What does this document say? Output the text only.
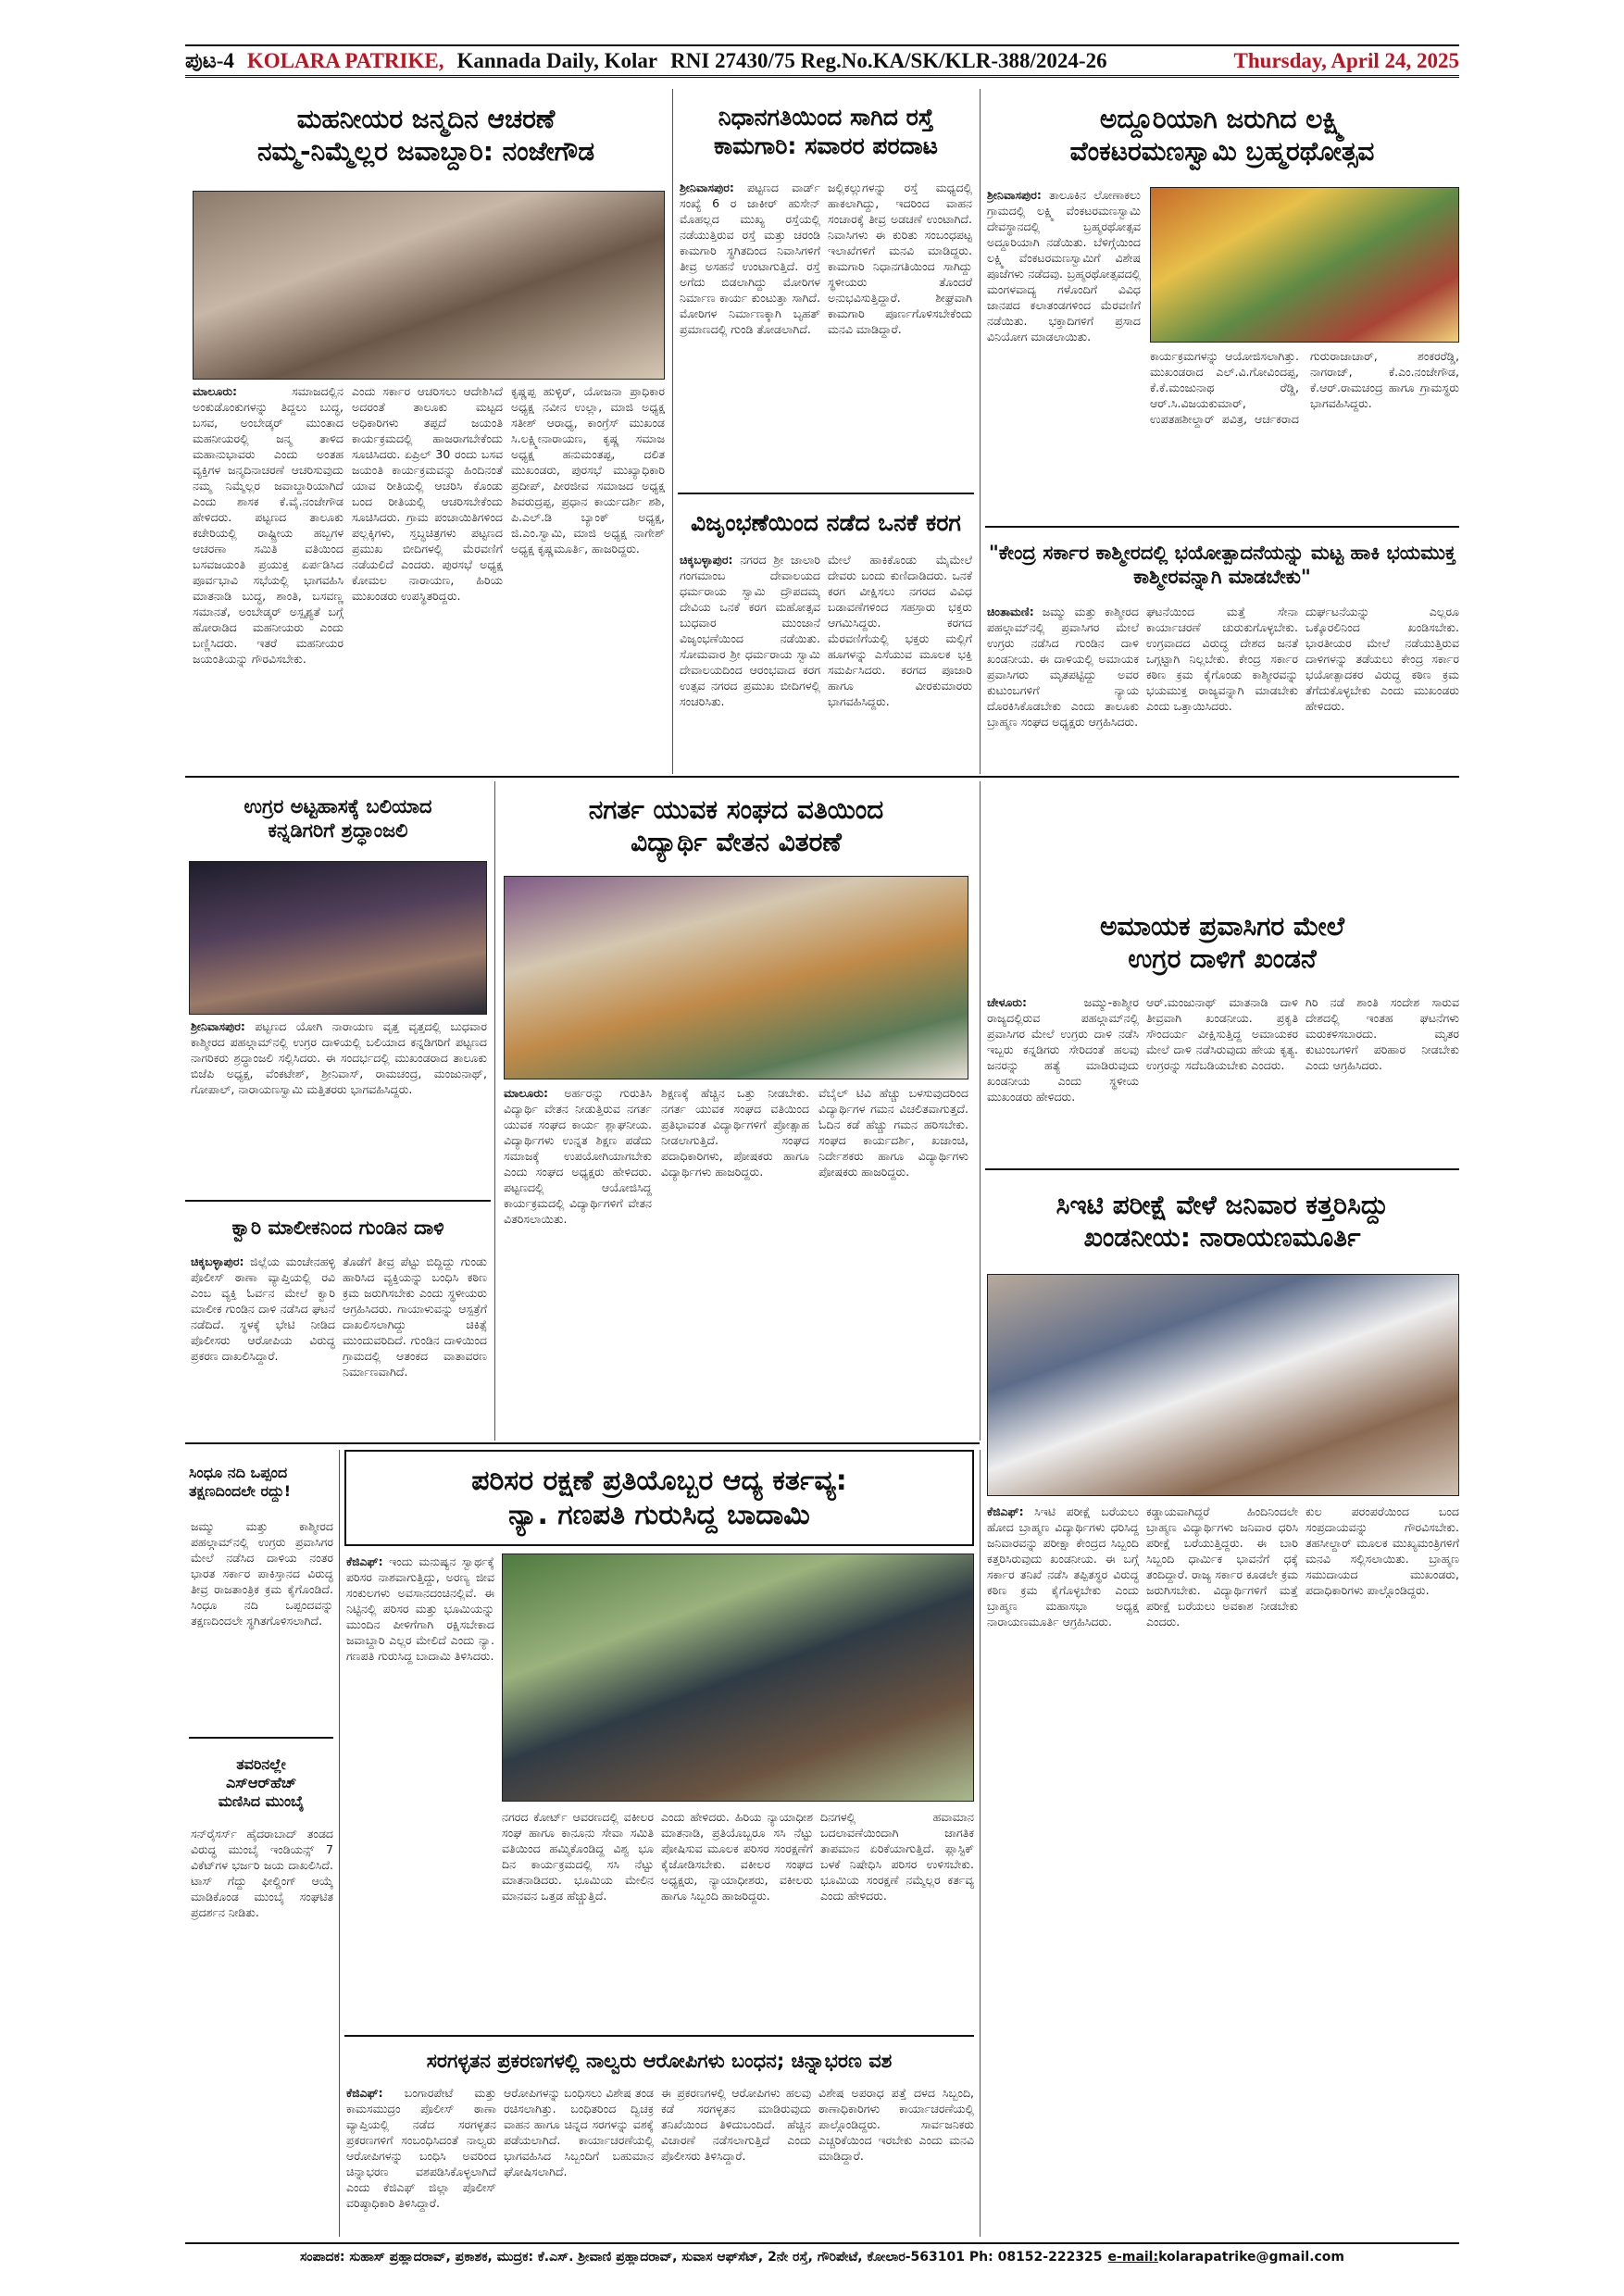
ಪುಟ-4 KOLARA PATRIKE, Kannada Daily, Kolar RNI 27430/75 Reg.No.KA/SK/KLR-388/2024-26	Thursday, April 24, 2025
ಮಹನೀಯರ ಜನ್ಮದಿನ ಆಚರಣೆ
ನಮ್ಮ-ನಿಮ್ಮೆಲ್ಲರ ಜವಾಬ್ದಾರಿ: ನಂಜೇಗೌಡ
ಮಾಲೂರು:	ಸಮಾಜದಲ್ಲಿನ ಅಂಕುಡೊಂಕುಗಳನ್ನು ತಿದ್ದಲು ಬುದ್ಧ, ಬಸವ, ಅಂಬೇಡ್ಕರ್ ಮುಂತಾದ ಮಹನೀಯರಲ್ಲಿ ಜನ್ಮ ತಾಳಿದ ಮಹಾನುಭಾವರು ಎಂದು ಅಂತಹ ವ್ಯಕ್ತಿಗಳ ಜನ್ಮದಿನಾಚರಣೆ ಆಚರಿಸುವುದು ನಮ್ಮ ನಿಮ್ಮೆಲ್ಲರ ಜವಾಬ್ದಾರಿಯಾಗಿದೆ ಎಂದು ಶಾಸಕ ಕೆ.ವೈ.ನಂಜೇಗೌಡ ಹೇಳಿದರು. ಪಟ್ಟಣದ ತಾಲೂಕು ಕಚೇರಿಯಲ್ಲಿ ರಾಷ್ಟ್ರೀಯ ಹಬ್ಬಗಳ ಆಚರಣಾ ಸಮಿತಿ ವತಿಯಿಂದ ಬಸವಜಯಂತಿ ಪ್ರಯುಕ್ತ ಏರ್ಪಡಿಸಿದ ಪೂರ್ವಭಾವಿ ಸಭೆಯಲ್ಲಿ ಭಾಗವಹಿಸಿ ಮಾತನಾಡಿ ಬುದ್ಧ, ಶಾಂತಿ, ಬಸವಣ್ಣ ಸಮಾನತೆ, ಅಂಬೇಡ್ಕರ್ ಅಸ್ಪೃಶ್ಯತೆ ಬಗ್ಗೆ ಹೋರಾಡಿದ ಮಹನೀಯರು ಎಂದು ಬಣ್ಣಿಸಿದರು. ಇತರೆ ಮಹನೀಯರ ಜಯಂತಿಯನ್ನು ಗೌರವಿಸಬೇಕು.
ಎಂದು ಸರ್ಕಾರ ಆಚರಿಸಲು ಆದೇಶಿಸಿದೆ ಅದರಂತೆ ತಾಲೂಕು ಮಟ್ಟದ ಅಧಿಕಾರಿಗಳು ತಪ್ಪದೆ ಜಯಂತಿ ಕಾರ್ಯಕ್ರಮದಲ್ಲಿ ಹಾಜರಾಗಬೇಕೆಂದು ಸೂಚಿಸಿದರು. ಏಪ್ರಿಲ್ 30 ರಂದು ಬಸವ ಜಯಂತಿ ಕಾರ್ಯಕ್ರಮವನ್ನು ಹಿಂದಿನಂತೆ ಯಾವ ರೀತಿಯಲ್ಲಿ ಆಚರಿಸಿ ಕೊಂಡು ಬಂದ ರೀತಿಯಲ್ಲಿ ಆಚರಿಸಬೇಕೆಂದು ಸೂಚಿಸಿದರು. ಗ್ರಾಮ ಪಂಚಾಯಿತಿಗಳಿಂದ ಪಲ್ಲಕ್ಕಿಗಳು, ಸ್ತಬ್ಧಚಿತ್ರಗಳು ಪಟ್ಟಣದ ಪ್ರಮುಖ ಬೀದಿಗಳಲ್ಲಿ ಮೆರವಣಿಗೆ ನಡೆಯಲಿದೆ ಎಂದರು. ಪುರಸಭೆ ಅಧ್ಯಕ್ಷ ಕೋಮಲ ನಾರಾಯಣ, ಹಿರಿಯ ಮುಖಂಡರು ಉಪಸ್ಥಿತರಿದ್ದರು.
ಕೃಷ್ಣಪ್ಪ ಹುಳ್ಳಿರ್, ಯೋಜನಾ ಪ್ರಾಧಿಕಾರ ಅಧ್ಯಕ್ಷ ನವೀನ ಉಲ್ಲಾ, ಮಾಜಿ ಅಧ್ಯಕ್ಷ ಸತೀಶ್ ಆರಾಧ್ಯ, ಕಾಂಗ್ರೆಸ್ ಮುಖಂಡ ಸಿ.ಲಕ್ಷ್ಮೀನಾರಾಯಣ, ಕೃಷ್ಣ ಸಮಾಜ ಅಧ್ಯಕ್ಷ ಹನುಮಂತಪ್ಪ, ದಲಿತ ಮುಖಂಡರು, ಪುರಸಭೆ ಮುಖ್ಯಾಧಿಕಾರಿ ಪ್ರದೀಪ್, ಪೀರಜೀವ ಸಮಾಜದ ಅಧ್ಯಕ್ಷ ಶಿವರುದ್ರಪ್ಪ, ಪ್ರಧಾನ ಕಾರ್ಯದರ್ಶಿ ಶಶಿ, ಪಿ.ಎಲ್.ಡಿ ಬ್ಯಾಂಕ್ ಅಧ್ಯಕ್ಷ, ಜಿ.ಎಂ.ಸ್ವಾಮಿ, ಮಾಜಿ ಅಧ್ಯಕ್ಷ ನಾಗೇಶ್ ಅಧ್ಯಕ್ಷ ಕೃಷ್ಣಮೂರ್ತಿ, ಹಾಜರಿದ್ದರು.
ನಿಧಾನಗತಿಯಿಂದ ಸಾಗಿದ ರಸ್ತೆ
ಕಾಮಗಾರಿ: ಸವಾರರ ಪರದಾಟ
ಶ್ರೀನಿವಾಸಪುರ: ಪಟ್ಟಣದ ವಾರ್ಡ್ ಸಂಖ್ಯೆ 6 ರ ಜಾಕೀರ್ ಹುಸೇನ್ ಮೊಹಲ್ಲದ ಮುಖ್ಯ ರಸ್ತೆಯಲ್ಲಿ ನಡೆಯುತ್ತಿರುವ ರಸ್ತೆ ಮತ್ತು ಚರಂಡಿ ಕಾಮಗಾರಿ ಸ್ಥಗಿತದಿಂದ ನಿವಾಸಿಗಳಿಗೆ ತೀವ್ರ ಅಸಹನೆ ಉಂಟಾಗುತ್ತಿದೆ. ರಸ್ತೆ ಅಗೆದು ಬಿಡಲಾಗಿದ್ದು ಮೋರಿಗಳ ನಿರ್ಮಾಣ ಕಾರ್ಯ ಕುಂಟುತ್ತಾ ಸಾಗಿದೆ. ಮೋರಿಗಳ ನಿರ್ಮಾಣಕ್ಕಾಗಿ ಬೃಹತ್ ಪ್ರಮಾಣದಲ್ಲಿ ಗುಂಡಿ ತೋಡಲಾಗಿದೆ.
ಜಲ್ಲಿಕಲ್ಲುಗಳನ್ನು ರಸ್ತೆ ಮಧ್ಯದಲ್ಲಿ ಹಾಕಲಾಗಿದ್ದು, ಇದರಿಂದ ವಾಹನ ಸಂಚಾರಕ್ಕೆ ತೀವ್ರ ಅಡಚಣೆ ಉಂಟಾಗಿದೆ. ನಿವಾಸಿಗಳು ಈ ಕುರಿತು ಸಂಬಂಧಪಟ್ಟ ಇಲಾಖೆಗಳಿಗೆ ಮನವಿ ಮಾಡಿದ್ದರು. ಕಾಮಗಾರಿ ನಿಧಾನಗತಿಯಿಂದ ಸಾಗಿದ್ದು ಸ್ಥಳೀಯರು ತೊಂದರೆ ಅನುಭವಿಸುತ್ತಿದ್ದಾರೆ. ಶೀಘ್ರವಾಗಿ ಕಾಮಗಾರಿ ಪೂರ್ಣಗೊಳಿಸಬೇಕೆಂದು ಮನವಿ ಮಾಡಿದ್ದಾರೆ.
ವಿಜೃಂಭಣೆಯಿಂದ ನಡೆದ ಒನಕೆ ಕರಗ
ಚಿಕ್ಕಬಳ್ಳಾಪುರ: ನಗರದ ಶ್ರೀ ಜಾಲಾರಿ ಗಂಗಮಾಂಬ ದೇವಾಲಯದ ಧರ್ಮರಾಯ ಸ್ವಾಮಿ ದ್ರೌಪದಮ್ಮ ದೇವಿಯ ಒನಕೆ ಕರಗ ಮಹೋತ್ಸವ ಬುಧವಾರ ಮುಂಜಾನೆ ವಿಜೃಂಭಣೆಯಿಂದ ನಡೆಯಿತು. ಸೋಮವಾರ ಶ್ರೀ ಧರ್ಮರಾಯ ಸ್ವಾಮಿ ದೇವಾಲಯದಿಂದ ಆರಂಭವಾದ ಕರಗ ಉತ್ಸವ ನಗರದ ಪ್ರಮುಖ ಬೀದಿಗಳಲ್ಲಿ ಸಂಚರಿಸಿತು.
ಮೇಲೆ ಹಾಕಿಕೊಂಡು ಮೈಮೇಲೆ ದೇವರು ಬಂದು ಕುಣಿದಾಡಿದರು. ಒನಕೆ ಕರಗ ವೀಕ್ಷಿಸಲು ನಗರದ ವಿವಿಧ ಬಡಾವಣೆಗಳಿಂದ ಸಹಸ್ರಾರು ಭಕ್ತರು ಆಗಮಿಸಿದ್ದರು. ಕರಗದ ಮೆರವಣಿಗೆಯಲ್ಲಿ ಭಕ್ತರು ಮಲ್ಲಿಗೆ ಹೂಗಳನ್ನು ಎಸೆಯುವ ಮೂಲಕ ಭಕ್ತಿ ಸಮರ್ಪಿಸಿದರು. ಕರಗದ ಪೂಜಾರಿ ಹಾಗೂ ವೀರಕುಮಾರರು ಭಾಗವಹಿಸಿದ್ದರು.
ಅದ್ದೂರಿಯಾಗಿ ಜರುಗಿದ ಲಕ್ಷ್ಮಿ
ವೆಂಕಟರಮಣಸ್ವಾಮಿ ಬ್ರಹ್ಮರಥೋತ್ಸವ
ಶ್ರೀನಿವಾಸಪುರ: ತಾಲೂಕಿನ ಲೋಣಾಕಲು ಗ್ರಾಮದಲ್ಲಿ ಲಕ್ಷ್ಮಿ ವೆಂಕಟರಮಣಸ್ವಾಮಿ ದೇವಸ್ಥಾನದಲ್ಲಿ ಬ್ರಹ್ಮರಥೋತ್ಸವ ಅದ್ದೂರಿಯಾಗಿ ನಡೆಯಿತು. ಬೆಳಿಗ್ಗೆಯಿಂದ ಲಕ್ಷ್ಮಿ ವೆಂಕಟರಮಣಸ್ವಾಮಿಗೆ ವಿಶೇಷ ಪೂಜೆಗಳು ನಡೆದವು. ಬ್ರಹ್ಮರಥೋತ್ಸವದಲ್ಲಿ ಮಂಗಳವಾದ್ಯ ಗಳೊಂದಿಗೆ ವಿವಿಧ ಜಾನಪದ ಕಲಾತಂಡಗಳಿಂದ ಮೆರವಣಿಗೆ ನಡೆಯಿತು. ಭಕ್ತಾದಿಗಳಿಗೆ ಪ್ರಸಾದ ವಿನಿಯೋಗ ಮಾಡಲಾಯಿತು.
ಕಾರ್ಯಕ್ರಮಗಳನ್ನು ಆಯೋಜಿಸಲಾಗಿತ್ತು. ಮುಖಂಡರಾದ ಎಲ್.ವಿ.ಗೋವಿಂದಪ್ಪ, ಕೆ.ಕೆ.ಮಂಜುನಾಥ ರೆಡ್ಡಿ, ಆರ್.ಸಿ.ವಿಜಯಕುಮಾರ್, ಉಪತಹಶೀಲ್ದಾರ್ ಪವಿತ್ರ, ಆರ್ಚಕರಾದ ಗುರುರಾಜಾಚಾರ್, ಶಂಕರರೆಡ್ಡಿ, ನಾಗರಾಜ್, ಕೆ.ಎಂ.ನಂಜೇಗೌಡ, ಕೆ.ಆರ್.ರಾಮಚಂದ್ರ ಹಾಗೂ ಗ್ರಾಮಸ್ಥರು ಭಾಗವಹಿಸಿದ್ದರು.
"ಕೇಂದ್ರ ಸರ್ಕಾರ ಕಾಶ್ಮೀರದಲ್ಲಿ ಭಯೋತ್ಪಾದನೆಯನ್ನು ಮಟ್ಟ ಹಾಕಿ ಭಯಮುಕ್ತ ಕಾಶ್ಮೀರವನ್ನಾಗಿ ಮಾಡಬೇಕು"
ಚಿಂತಾಮಣಿ: ಜಮ್ಮು ಮತ್ತು ಕಾಶ್ಮೀರದ ಪಹಲ್ಗಾಮ್‌ನಲ್ಲಿ ಪ್ರವಾಸಿಗರ ಮೇಲೆ ಉಗ್ರರು ನಡೆಸಿದ ಗುಂಡಿನ ದಾಳಿ ಖಂಡನೀಯ. ಈ ದಾಳಿಯಲ್ಲಿ ಅಮಾಯಕ ಪ್ರವಾಸಿಗರು ಮೃತಪಟ್ಟಿದ್ದು ಅವರ ಕುಟುಂಬಗಳಿಗೆ ನ್ಯಾಯ ದೊರಕಿಸಿಕೊಡಬೇಕು ಎಂದು ತಾಲೂಕು ಬ್ರಾಹ್ಮಣ ಸಂಘದ ಅಧ್ಯಕ್ಷರು ಆಗ್ರಹಿಸಿದರು.
ಘಟನೆಯಿಂದ ಮತ್ತೆ ಸೇನಾ ಕಾರ್ಯಾಚರಣೆ ಚುರುಕುಗೊಳ್ಳಬೇಕು. ಉಗ್ರವಾದದ ವಿರುದ್ಧ ದೇಶದ ಜನತೆ ಒಗ್ಗಟ್ಟಾಗಿ ನಿಲ್ಲಬೇಕು. ಕೇಂದ್ರ ಸರ್ಕಾರ ಕಠಿಣ ಕ್ರಮ ಕೈಗೊಂಡು ಕಾಶ್ಮೀರವನ್ನು ಭಯಮುಕ್ತ ರಾಜ್ಯವನ್ನಾಗಿ ಮಾಡಬೇಕು ಎಂದು ಒತ್ತಾಯಿಸಿದರು.
ದುರ್ಘಟನೆಯನ್ನು ಎಲ್ಲರೂ ಒಕ್ಕೊರಲಿನಿಂದ ಖಂಡಿಸಬೇಕು. ಭಾರತೀಯರ ಮೇಲೆ ನಡೆಯುತ್ತಿರುವ ದಾಳಿಗಳನ್ನು ತಡೆಯಲು ಕೇಂದ್ರ ಸರ್ಕಾರ ಭಯೋತ್ಪಾದಕರ ವಿರುದ್ಧ ಕಠಿಣ ಕ್ರಮ ತೆಗೆದುಕೊಳ್ಳಬೇಕು ಎಂದು ಮುಖಂಡರು ಹೇಳಿದರು.
ಉಗ್ರರ ಅಟ್ಟಹಾಸಕ್ಕೆ ಬಲಿಯಾದ
ಕನ್ನಡಿಗರಿಗೆ ಶ್ರದ್ಧಾಂಜಲಿ
ಶ್ರೀನಿವಾಸಪುರ: ಪಟ್ಟಣದ ಯೋಗಿ ನಾರಾಯಣ ವೃತ್ತ ವೃತ್ತದಲ್ಲಿ ಬುಧವಾರ ಕಾಶ್ಮೀರದ ಪಹಲ್ಗಾಮ್‌ನಲ್ಲಿ ಉಗ್ರರ ದಾಳಿಯಲ್ಲಿ ಬಲಿಯಾದ ಕನ್ನಡಿಗರಿಗೆ ಪಟ್ಟಣದ ನಾಗರಿಕರು ಶ್ರದ್ಧಾಂಜಲಿ ಸಲ್ಲಿಸಿದರು. ಈ ಸಂದರ್ಭದಲ್ಲಿ ಮುಖಂಡರಾದ ತಾಲೂಕು ಬಿಜೆಪಿ ಅಧ್ಯಕ್ಷ, ವೆಂಕಟೇಶ್, ಶ್ರೀನಿವಾಸ್, ರಾಮಚಂದ್ರ, ಮಂಜುನಾಥ್, ಗೋಪಾಲ್, ನಾರಾಯಣಸ್ವಾಮಿ ಮತ್ತಿತರರು ಭಾಗವಹಿಸಿದ್ದರು.
ಕ್ವಾರಿ ಮಾಲೀಕನಿಂದ ಗುಂಡಿನ ದಾಳಿ
ಚಿಕ್ಕಬಳ್ಳಾಪುರ: ಜಿಲ್ಲೆಯ ಮಂಚೇನಹಳ್ಳಿ ಪೊಲೀಸ್ ಠಾಣಾ ವ್ಯಾಪ್ತಿಯಲ್ಲಿ ರವಿ ಎಂಬ ವ್ಯಕ್ತಿ ಓರ್ವನ ಮೇಲೆ ಕ್ವಾರಿ ಮಾಲೀಕ ಗುಂಡಿನ ದಾಳಿ ನಡೆಸಿದ ಘಟನೆ ನಡೆದಿದೆ. ಸ್ಥಳಕ್ಕೆ ಭೇಟಿ ನೀಡಿದ ಪೊಲೀಸರು ಆರೋಪಿಯ ವಿರುದ್ಧ ಪ್ರಕರಣ ದಾಖಲಿಸಿದ್ದಾರೆ.
ತೊಡೆಗೆ ತೀವ್ರ ಪೆಟ್ಟು ಬಿದ್ದಿದ್ದು ಗುಂಡು ಹಾರಿಸಿದ ವ್ಯಕ್ತಿಯನ್ನು ಬಂಧಿಸಿ ಕಠಿಣ ಕ್ರಮ ಜರುಗಿಸಬೇಕು ಎಂದು ಸ್ಥಳೀಯರು ಆಗ್ರಹಿಸಿದರು. ಗಾಯಾಳುವನ್ನು ಆಸ್ಪತ್ರೆಗೆ ದಾಖಲಿಸಲಾಗಿದ್ದು ಚಿಕಿತ್ಸೆ ಮುಂದುವರಿದಿದೆ. ಗುಂಡಿನ ದಾಳಿಯಿಂದ ಗ್ರಾಮದಲ್ಲಿ ಆತಂಕದ ವಾತಾವರಣ ನಿರ್ಮಾಣವಾಗಿದೆ.
ನಗರ್ತ ಯುವಕ ಸಂಘದ ವತಿಯಿಂದ
ವಿದ್ಯಾರ್ಥಿ ವೇತನ ವಿತರಣೆ
ಮಾಲೂರು: ಅರ್ಹರನ್ನು ಗುರುತಿಸಿ ವಿದ್ಯಾರ್ಥಿ ವೇತನ ನೀಡುತ್ತಿರುವ ನಗರ್ತ ಯುವಕ ಸಂಘದ ಕಾರ್ಯ ಶ್ಲಾಘನೀಯ. ವಿದ್ಯಾರ್ಥಿಗಳು ಉನ್ನತ ಶಿಕ್ಷಣ ಪಡೆದು ಸಮಾಜಕ್ಕೆ ಉಪಯೋಗಿಯಾಗಬೇಕು ಎಂದು ಸಂಘದ ಅಧ್ಯಕ್ಷರು ಹೇಳಿದರು. ಪಟ್ಟಣದಲ್ಲಿ ಆಯೋಜಿಸಿದ್ದ ಕಾರ್ಯಕ್ರಮದಲ್ಲಿ ವಿದ್ಯಾರ್ಥಿಗಳಿಗೆ ವೇತನ ವಿತರಿಸಲಾಯಿತು.
ಶಿಕ್ಷಣಕ್ಕೆ ಹೆಚ್ಚಿನ ಒತ್ತು ನೀಡಬೇಕು. ನಗರ್ತ ಯುವಕ ಸಂಘದ ವತಿಯಿಂದ ಪ್ರತಿಭಾವಂತ ವಿದ್ಯಾರ್ಥಿಗಳಿಗೆ ಪ್ರೋತ್ಸಾಹ ನೀಡಲಾಗುತ್ತಿದೆ. ಸಂಘದ ಪದಾಧಿಕಾರಿಗಳು, ಪೋಷಕರು ಹಾಗೂ ವಿದ್ಯಾರ್ಥಿಗಳು ಹಾಜರಿದ್ದರು.
ವೆಬೈಲ್ ಟಿವಿ ಹೆಚ್ಚು ಬಳಸುವುದರಿಂದ ವಿದ್ಯಾರ್ಥಿಗಳ ಗಮನ ವಿಚಲಿತವಾಗುತ್ತದೆ. ಓದಿನ ಕಡೆ ಹೆಚ್ಚು ಗಮನ ಹರಿಸಬೇಕು. ಸಂಘದ ಕಾರ್ಯದರ್ಶಿ, ಖಜಾಂಚಿ, ನಿರ್ದೇಶಕರು ಹಾಗೂ ವಿದ್ಯಾರ್ಥಿಗಳು ಪೋಷಕರು ಹಾಜರಿದ್ದರು.
ಅಮಾಯಕ ಪ್ರವಾಸಿಗರ ಮೇಲೆ
ಉಗ್ರರ ದಾಳಿಗೆ ಖಂಡನೆ
ಚೇಳೂರು:	ಜಮ್ಮು-ಕಾಶ್ಮೀರ ರಾಜ್ಯದಲ್ಲಿರುವ ಪಹಲ್ಗಾಮ್‌ನಲ್ಲಿ ಪ್ರವಾಸಿಗರ ಮೇಲೆ ಉಗ್ರರು ದಾಳಿ ನಡೆಸಿ ಇಬ್ಬರು ಕನ್ನಡಿಗರು ಸೇರಿದಂತೆ ಹಲವು ಜನರನ್ನು ಹತ್ಯೆ ಮಾಡಿರುವುದು ಖಂಡನೀಯ ಎಂದು ಸ್ಥಳೀಯ ಮುಖಂಡರು ಹೇಳಿದರು.
ಆರ್.ಮಂಜುನಾಥ್ ಮಾತನಾಡಿ ದಾಳಿ ತೀವ್ರವಾಗಿ ಖಂಡನೀಯ. ಪ್ರಕೃತಿ ಸೌಂದರ್ಯ ವೀಕ್ಷಿಸುತ್ತಿದ್ದ ಅಮಾಯಕರ ಮೇಲೆ ದಾಳಿ ನಡೆಸಿರುವುದು ಹೇಯ ಕೃತ್ಯ. ಉಗ್ರರನ್ನು ಸದೆಬಡಿಯಬೇಕು ಎಂದರು.
ಗಿರಿ ನಡೆ ಶಾಂತಿ ಸಂದೇಶ ಸಾರುವ ದೇಶದಲ್ಲಿ ಇಂತಹ ಘಟನೆಗಳು ಮರುಕಳಿಸಬಾರದು. ಮೃತರ ಕುಟುಂಬಗಳಿಗೆ ಪರಿಹಾರ ನೀಡಬೇಕು ಎಂದು ಆಗ್ರಹಿಸಿದರು.
ಸಿಇಟಿ ಪರೀಕ್ಷೆ ವೇಳೆ ಜನಿವಾರ ಕತ್ತರಿಸಿದ್ದು
ಖಂಡನೀಯ: ನಾರಾಯಣಮೂರ್ತಿ
ಕೆಜಿಎಫ್: ಸಿಇಟಿ ಪರೀಕ್ಷೆ ಬರೆಯಲು ಹೋದ ಬ್ರಾಹ್ಮಣ ವಿದ್ಯಾರ್ಥಿಗಳು ಧರಿಸಿದ್ದ ಜನಿವಾರವನ್ನು ಪರೀಕ್ಷಾ ಕೇಂದ್ರದ ಸಿಬ್ಬಂದಿ ಕತ್ತರಿಸಿರುವುದು ಖಂಡನೀಯ. ಈ ಬಗ್ಗೆ ಸರ್ಕಾರ ತನಿಖೆ ನಡೆಸಿ ತಪ್ಪಿತಸ್ಥರ ವಿರುದ್ಧ ಕಠಿಣ ಕ್ರಮ ಕೈಗೊಳ್ಳಬೇಕು ಎಂದು ಬ್ರಾಹ್ಮಣ ಮಹಾಸಭಾ ಅಧ್ಯಕ್ಷ ನಾರಾಯಣಮೂರ್ತಿ ಆಗ್ರಹಿಸಿದರು.
ಕಡ್ಡಾಯವಾಗಿದ್ದರೆ ಹಿಂದಿನಿಂದಲೇ ಬ್ರಾಹ್ಮಣ ವಿದ್ಯಾರ್ಥಿಗಳು ಜನಿವಾರ ಧರಿಸಿ ಪರೀಕ್ಷೆ ಬರೆಯುತ್ತಿದ್ದರು. ಈ ಬಾರಿ ಸಿಬ್ಬಂದಿ ಧಾರ್ಮಿಕ ಭಾವನೆಗೆ ಧಕ್ಕೆ ತಂದಿದ್ದಾರೆ. ರಾಜ್ಯ ಸರ್ಕಾರ ಕೂಡಲೇ ಕ್ರಮ ಜರುಗಿಸಬೇಕು. ವಿದ್ಯಾರ್ಥಿಗಳಿಗೆ ಮತ್ತೆ ಪರೀಕ್ಷೆ ಬರೆಯಲು ಅವಕಾಶ ನೀಡಬೇಕು ಎಂದರು.
ಕುಲ ಪರಂಪರೆಯಿಂದ ಬಂದ ಸಂಪ್ರದಾಯವನ್ನು ಗೌರವಿಸಬೇಕು. ತಹಸೀಲ್ದಾರ್ ಮೂಲಕ ಮುಖ್ಯಮಂತ್ರಿಗಳಿಗೆ ಮನವಿ ಸಲ್ಲಿಸಲಾಯಿತು. ಬ್ರಾಹ್ಮಣ ಸಮುದಾಯದ ಮುಖಂಡರು, ಪದಾಧಿಕಾರಿಗಳು ಪಾಲ್ಗೊಂಡಿದ್ದರು.
ಸಿಂಧೂ ನದಿ ಒಪ್ಪಂದ
ತಕ್ಷಣದಿಂದಲೇ ರದ್ದು!
ಜಮ್ಮು ಮತ್ತು ಕಾಶ್ಮೀರದ ಪಹಲ್ಗಾಮ್‌ನಲ್ಲಿ ಉಗ್ರರು ಪ್ರವಾಸಿಗರ ಮೇಲೆ ನಡೆಸಿದ ದಾಳಿಯ ನಂತರ ಭಾರತ ಸರ್ಕಾರ ಪಾಕಿಸ್ತಾನದ ವಿರುದ್ಧ ತೀವ್ರ ರಾಜತಾಂತ್ರಿಕ ಕ್ರಮ ಕೈಗೊಂಡಿದೆ. ಸಿಂಧೂ ನದಿ ಒಪ್ಪಂದವನ್ನು ತಕ್ಷಣದಿಂದಲೇ ಸ್ಥಗಿತಗೊಳಿಸಲಾಗಿದೆ.
ತವರಿನಲ್ಲೇ
ಎಸ್‌ಆರ್‌ಹೆಚ್
ಮಣಿಸಿದ ಮುಂಬೈ
ಸನ್‌ರೈಸರ್ಸ್ ಹೈದರಾಬಾದ್ ತಂಡದ ವಿರುದ್ಧ ಮುಂಬೈ ಇಂಡಿಯನ್ಸ್ 7 ವಿಕೆಟ್‌ಗಳ ಭರ್ಜರಿ ಜಯ ದಾಖಲಿಸಿದೆ. ಟಾಸ್ ಗೆದ್ದು ಫೀಲ್ಡಿಂಗ್ ಆಯ್ಕೆ ಮಾಡಿಕೊಂಡ ಮುಂಬೈ ಸಂಘಟಿತ ಪ್ರದರ್ಶನ ನೀಡಿತು.
ಪರಿಸರ ರಕ್ಷಣೆ ಪ್ರತಿಯೊಬ್ಬರ ಆದ್ಯ ಕರ್ತವ್ಯ:
ನ್ಯಾ. ಗಣಪತಿ ಗುರುಸಿದ್ದ ಬಾದಾಮಿ
ಕೆಜಿಎಫ್: ಇಂದು ಮನುಷ್ಯನ ಸ್ವಾರ್ಥಕ್ಕೆ ಪರಿಸರ ನಾಶವಾಗುತ್ತಿದ್ದು, ಅರಣ್ಯ ಜೀವ ಸಂಕುಲಗಳು ಅವಸಾನದಂಚಿನಲ್ಲಿವೆ. ಈ ನಿಟ್ಟಿನಲ್ಲಿ ಪರಿಸರ ಮತ್ತು ಭೂಮಿಯನ್ನು ಮುಂದಿನ ಪೀಳಿಗೆಗಾಗಿ ರಕ್ಷಿಸಬೇಕಾದ ಜವಾಬ್ದಾರಿ ಎಲ್ಲರ ಮೇಲಿದೆ ಎಂದು ನ್ಯಾ. ಗಣಪತಿ ಗುರುಸಿದ್ದ ಬಾದಾಮಿ ತಿಳಿಸಿದರು.
ನಗರದ ಕೋರ್ಟ್ ಆವರಣದಲ್ಲಿ ವಕೀಲರ ಸಂಘ ಹಾಗೂ ಕಾನೂನು ಸೇವಾ ಸಮಿತಿ ವತಿಯಿಂದ ಹಮ್ಮಿಕೊಂಡಿದ್ದ ವಿಶ್ವ ಭೂ ದಿನ ಕಾರ್ಯಕ್ರಮದಲ್ಲಿ ಸಸಿ ನೆಟ್ಟು ಮಾತನಾಡಿದರು. ಭೂಮಿಯ ಮೇಲಿನ ಮಾನವನ ಒತ್ತಡ ಹೆಚ್ಚುತ್ತಿದೆ.
ಎಂದು ಹೇಳಿದರು. ಹಿರಿಯ ನ್ಯಾಯಾಧೀಶ ಮಾತನಾಡಿ, ಪ್ರತಿಯೊಬ್ಬರೂ ಸಸಿ ನೆಟ್ಟು ಪೋಷಿಸುವ ಮೂಲಕ ಪರಿಸರ ಸಂರಕ್ಷಣೆಗೆ ಕೈಜೋಡಿಸಬೇಕು. ವಕೀಲರ ಸಂಘದ ಅಧ್ಯಕ್ಷರು, ನ್ಯಾಯಾಧೀಶರು, ವಕೀಲರು ಹಾಗೂ ಸಿಬ್ಬಂದಿ ಹಾಜರಿದ್ದರು.
ದಿನಗಳಲ್ಲಿ ಹವಾಮಾನ ಬದಲಾವಣೆಯಿಂದಾಗಿ ಜಾಗತಿಕ ತಾಪಮಾನ ಏರಿಕೆಯಾಗುತ್ತಿದೆ. ಪ್ಲಾಸ್ಟಿಕ್ ಬಳಕೆ ನಿಷೇಧಿಸಿ ಪರಿಸರ ಉಳಿಸಬೇಕು. ಭೂಮಿಯ ಸಂರಕ್ಷಣೆ ನಮ್ಮೆಲ್ಲರ ಕರ್ತವ್ಯ ಎಂದು ಹೇಳಿದರು.
ಸರಗಳ್ಳತನ ಪ್ರಕರಣಗಳಲ್ಲಿ ನಾಲ್ವರು ಆರೋಪಿಗಳು ಬಂಧನ; ಚಿನ್ನಾಭರಣ ವಶ
ಕೆಜಿಎಫ್: ಬಂಗಾರಪೇಟೆ ಮತ್ತು ಕಾಮಸಮುದ್ರಂ ಪೊಲೀಸ್ ಠಾಣಾ ವ್ಯಾಪ್ತಿಯಲ್ಲಿ ನಡೆದ ಸರಗಳ್ಳತನ ಪ್ರಕರಣಗಳಿಗೆ ಸಂಬಂಧಿಸಿದಂತೆ ನಾಲ್ವರು ಆರೋಪಿಗಳನ್ನು ಬಂಧಿಸಿ ಅವರಿಂದ ಚಿನ್ನಾಭರಣ ವಶಪಡಿಸಿಕೊಳ್ಳಲಾಗಿದೆ ಎಂದು ಕೆಜಿಎಫ್ ಜಿಲ್ಲಾ ಪೊಲೀಸ್ ವರಿಷ್ಠಾಧಿಕಾರಿ ತಿಳಿಸಿದ್ದಾರೆ.
ಆರೋಪಿಗಳನ್ನು ಬಂಧಿಸಲು ವಿಶೇಷ ತಂಡ ರಚಿಸಲಾಗಿತ್ತು. ಬಂಧಿತರಿಂದ ದ್ವಿಚಕ್ರ ವಾಹನ ಹಾಗೂ ಚಿನ್ನದ ಸರಗಳನ್ನು ವಶಕ್ಕೆ ಪಡೆಯಲಾಗಿದೆ. ಕಾರ್ಯಾಚರಣೆಯಲ್ಲಿ ಭಾಗವಹಿಸಿದ ಸಿಬ್ಬಂದಿಗೆ ಬಹುಮಾನ ಘೋಷಿಸಲಾಗಿದೆ.
ಈ ಪ್ರಕರಣಗಳಲ್ಲಿ ಆರೋಪಿಗಳು ಹಲವು ಕಡೆ ಸರಗಳ್ಳತನ ಮಾಡಿರುವುದು ತನಿಖೆಯಿಂದ ತಿಳಿದುಬಂದಿದೆ. ಹೆಚ್ಚಿನ ವಿಚಾರಣೆ ನಡೆಸಲಾಗುತ್ತಿದೆ ಎಂದು ಪೊಲೀಸರು ತಿಳಿಸಿದ್ದಾರೆ.
ವಿಶೇಷ ಅಪರಾಧ ಪತ್ತೆ ದಳದ ಸಿಬ್ಬಂದಿ, ಠಾಣಾಧಿಕಾರಿಗಳು ಕಾರ್ಯಾಚರಣೆಯಲ್ಲಿ ಪಾಲ್ಗೊಂಡಿದ್ದರು. ಸಾರ್ವಜನಿಕರು ಎಚ್ಚರಿಕೆಯಿಂದ ಇರಬೇಕು ಎಂದು ಮನವಿ ಮಾಡಿದ್ದಾರೆ.
ಸಂಪಾದಕ: ಸುಹಾಸ್ ಪ್ರಹ್ಲಾದರಾವ್, ಪ್ರಕಾಶಕ, ಮುದ್ರಕ: ಕೆ.ಎಸ್. ಶ್ರೀವಾಣಿ ಪ್ರಹ್ಲಾದರಾವ್, ಸುವಾಸ ಆಫ್‌ಸೆಟ್, 2ನೇ ರಸ್ತೆ, ಗೌರಿಪೇಟೆ, ಕೋಲಾರ-563101 Ph: 08152-222325 e-mail: kolarapatrike@gmail.com
